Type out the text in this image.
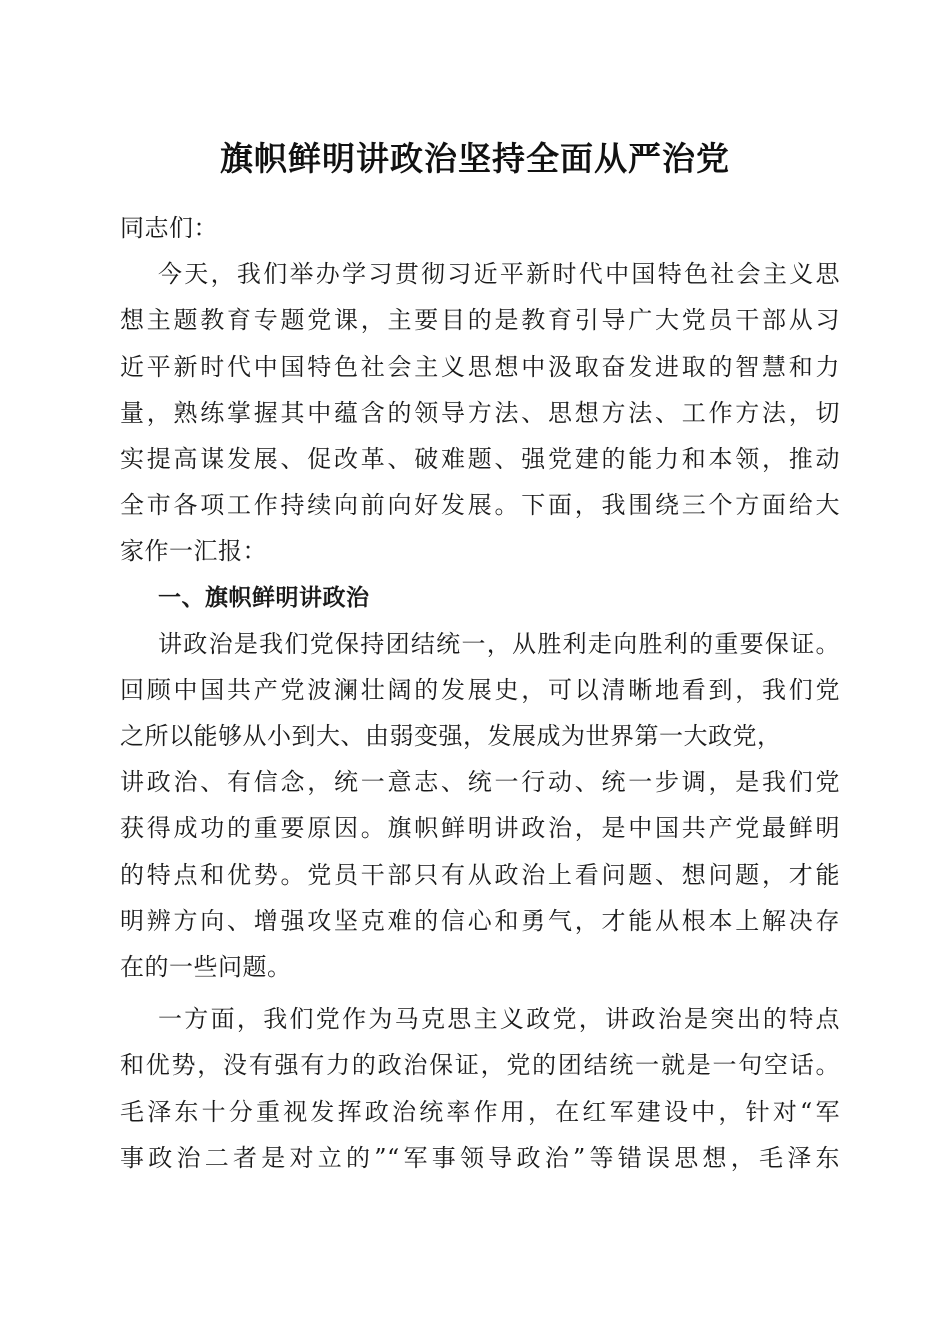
旗帜鲜明讲政治坚持全面从严治党
同志们：
今天，我们举办学习贯彻习近平新时代中国特色社会主义思
想主题教育专题党课，主要目的是教育引导广大党员干部从习
近平新时代中国特色社会主义思想中汲取奋发进取的智慧和力
量，熟练掌握其中蕴含的领导方法、思想方法、工作方法，切
实提高谋发展、促改革、破难题、强党建的能力和本领，推动
全市各项工作持续向前向好发展。下面，我围绕三个方面给大
家作一汇报：
一、旗帜鲜明讲政治
讲政治是我们党保持团结统一，从胜利走向胜利的重要保证。
回顾中国共产党波澜壮阔的发展史，可以清晰地看到，我们党
之所以能够从小到大、由弱变强，发展成为世界第一大政党，
讲政治、有信念，统一意志、统一行动、统一步调，是我们党
获得成功的重要原因。旗帜鲜明讲政治，是中国共产党最鲜明
的特点和优势。党员干部只有从政治上看问题、想问题，才能
明辨方向、增强攻坚克难的信心和勇气，才能从根本上解决存
在的一些问题。
一方面，我们党作为马克思主义政党，讲政治是突出的特点
和优势，没有强有力的政治保证，党的团结统一就是一句空话。
毛泽东十分重视发挥政治统率作用，在红军建设中，针对“军
事政治二者是对立的”“军事领导政治”等错误思想，毛泽东
